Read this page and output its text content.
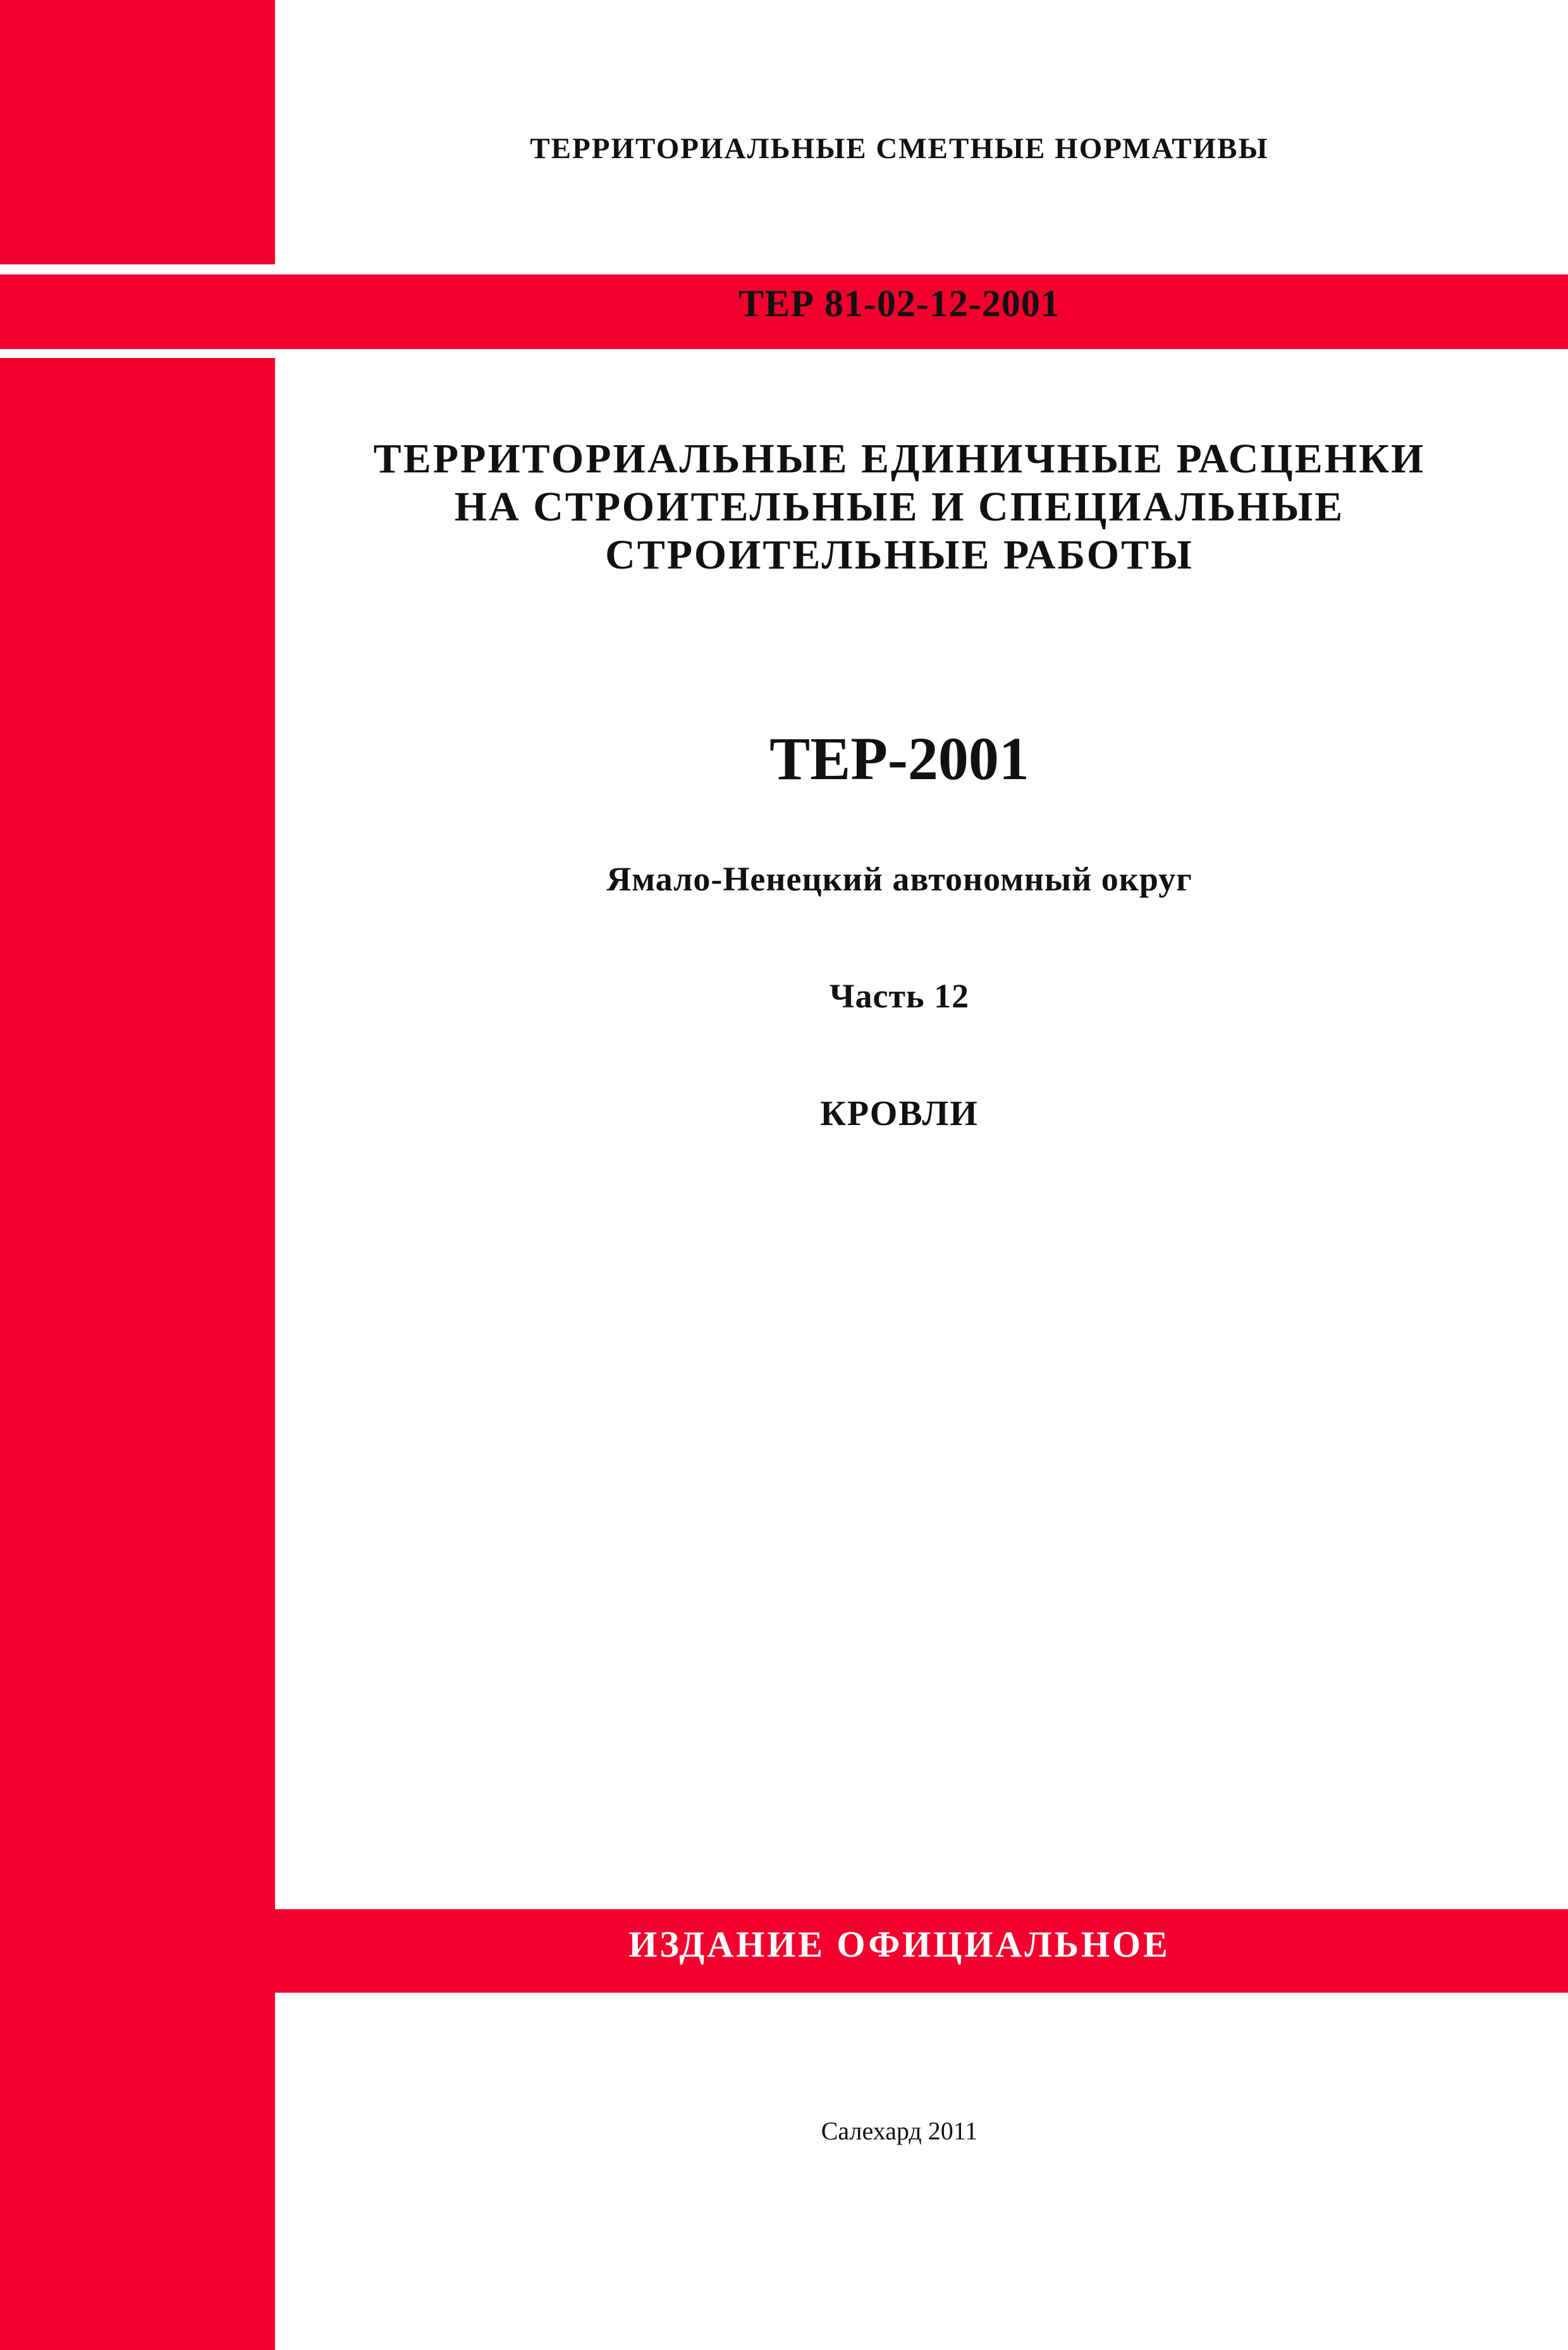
ТЕРРИТОРИАЛЬНЫЕ СМЕТНЫЕ НОРМАТИВЫ

ТЕР 81-02-12-2001

ТЕРРИТОРИАЛЬНЫЕ ЕДИНИЧНЫЕ РАСЦЕНКИ
НА СТРОИТЕЛЬНЫЕ И СПЕЦИАЛЬНЫЕ
СТРОИТЕЛЬНЫЕ РАБОТЫ

ТЕР-2001

Ямало-Ненецкий автономный округ

Часть 12

КРОВЛИ

ИЗДАНИЕ ОФИЦИАЛЬНОЕ

Салехард 2011
